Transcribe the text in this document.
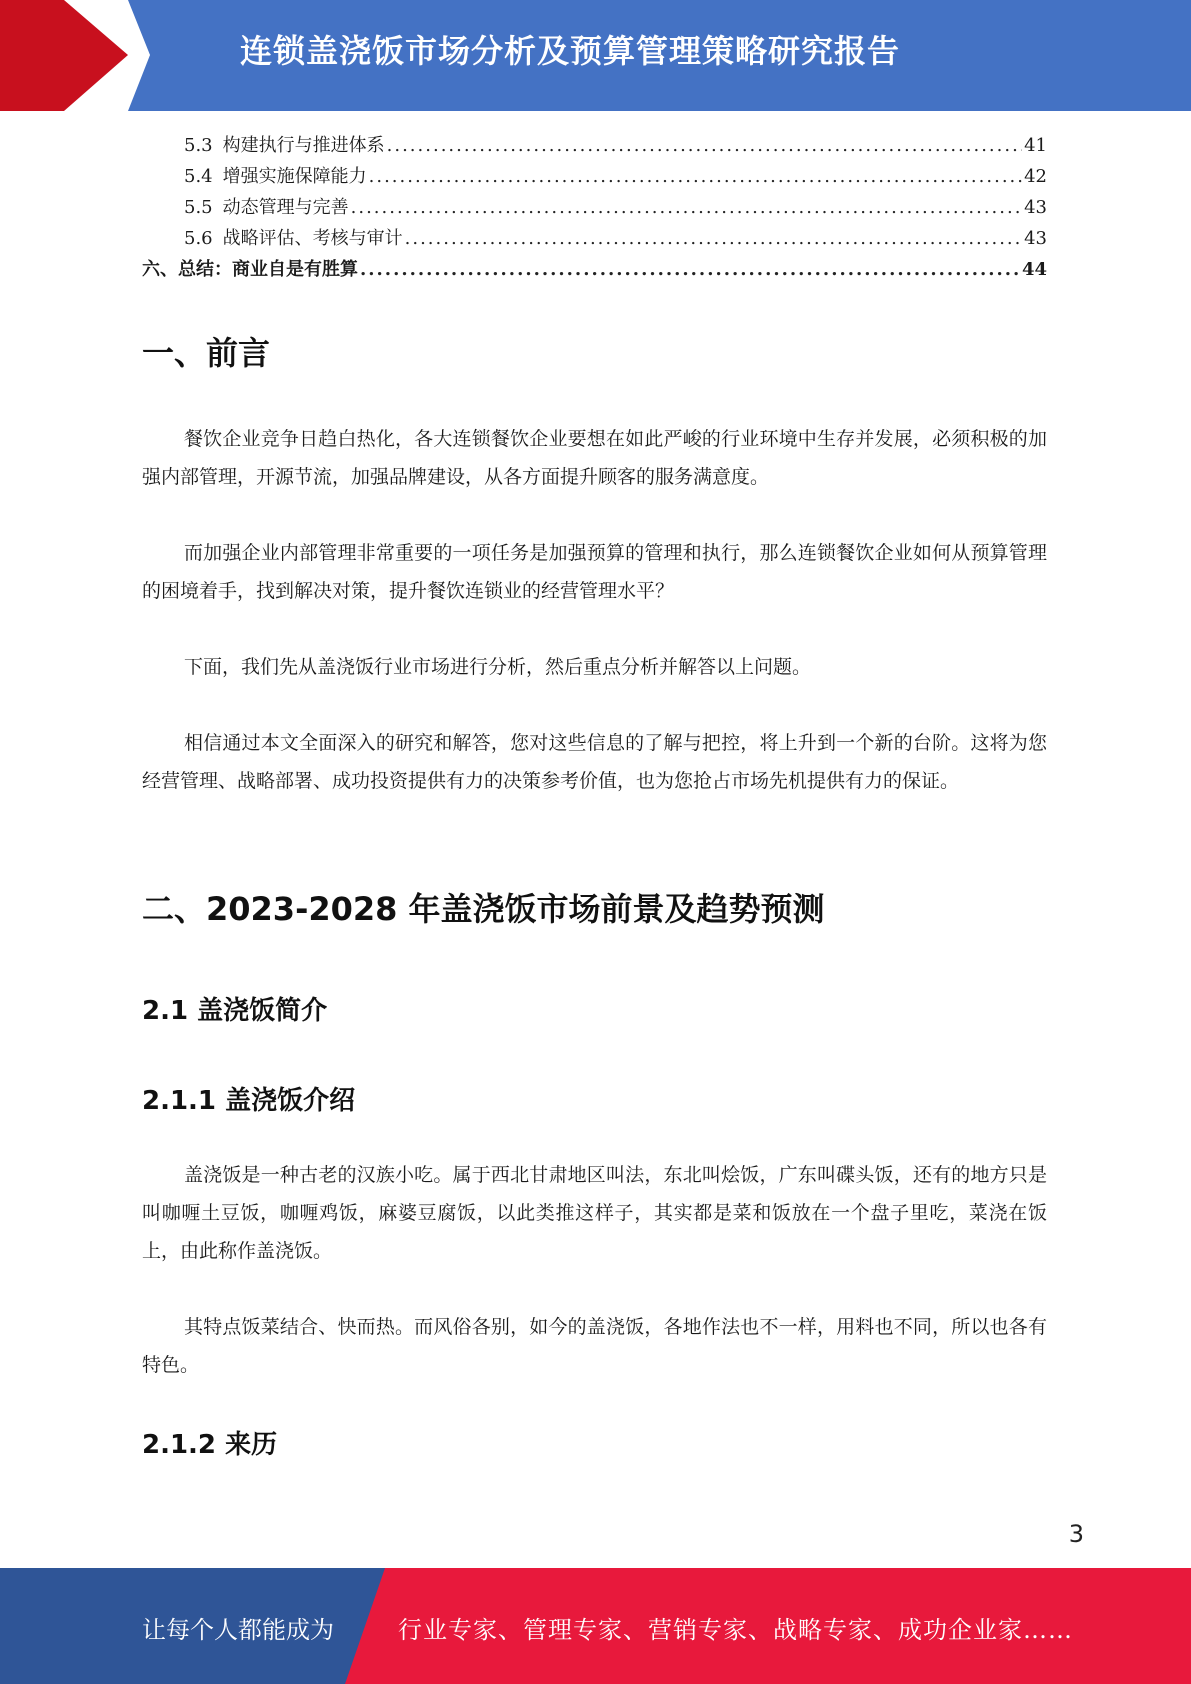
连锁盖浇饭市场分析及预算管理策略研究报告
5.3 构建执行与推进体系 .....	41
5.4 增强实施保障能力 .....	42
5.5 动态管理与完善 .....	43
5.6 战略评估、考核与审计 .....	43
六、总结：商业自是有胜算 .....	44
一、前言

餐饮企业竞争日趋白热化，各大连锁餐饮企业要想在如此严峻的行业环境中生存并发展，必须积极的加强内部管理，开源节流，加强品牌建设，从各方面提升顾客的服务满意度。

而加强企业内部管理非常重要的一项任务是加强预算的管理和执行，那么连锁餐饮企业如何从预算管理的困境着手，找到解决对策，提升餐饮连锁业的经营管理水平？

下面，我们先从盖浇饭行业市场进行分析，然后重点分析并解答以上问题。

相信通过本文全面深入的研究和解答，您对这些信息的了解与把控，将上升到一个新的台阶。这将为您经营管理、战略部署、成功投资提供有力的决策参考价值，也为您抢占市场先机提供有力的保证。

二、2023-2028 年盖浇饭市场前景及趋势预测
2.1 盖浇饭简介
2.1.1 盖浇饭介绍

盖浇饭是一种古老的汉族小吃。属于西北甘肃地区叫法，东北叫烩饭，广东叫碟头饭，还有的地方只是叫咖喱土豆饭，咖喱鸡饭，麻婆豆腐饭，以此类推这样子，其实都是菜和饭放在一个盘子里吃，菜浇在饭上，由此称作盖浇饭。

其特点饭菜结合、快而热。而风俗各别，如今的盖浇饭，各地作法也不一样，用料也不同，所以也各有特色。

2.1.2 来历
3
让每个人都能成为	行业专家、管理专家、营销专家、战略专家、成功企业家……
